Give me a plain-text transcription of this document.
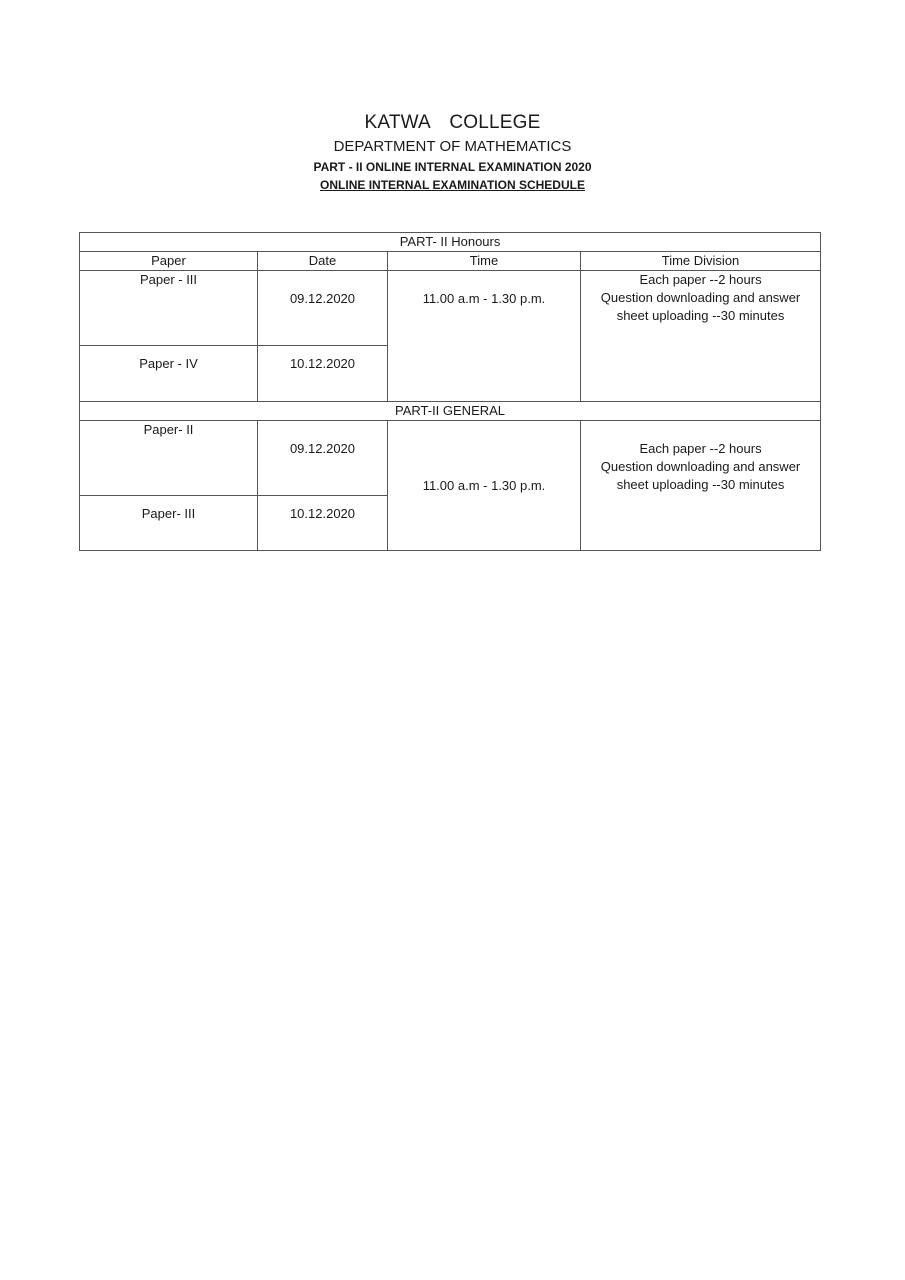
KATWA COLLEGE
DEPARTMENT OF MATHEMATICS
PART - II ONLINE INTERNAL EXAMINATION 2020
ONLINE INTERNAL EXAMINATION SCHEDULE
PART- II Honours			
Paper	Date	Time	Time Division
Paper - III	09.12.2020	11.00 a.m - 1.30 p.m.	Each paper --2 hours
Question downloading and answer
sheet uploading --30 minutes

Paper - IV	10.12.2020		
PART-II GENERAL			
Paper- II	09.12.2020	11.00 a.m - 1.30 p.m.	Each paper --2 hours
Question downloading and answer
sheet uploading --30 minutes

Paper- III	10.12.2020		
